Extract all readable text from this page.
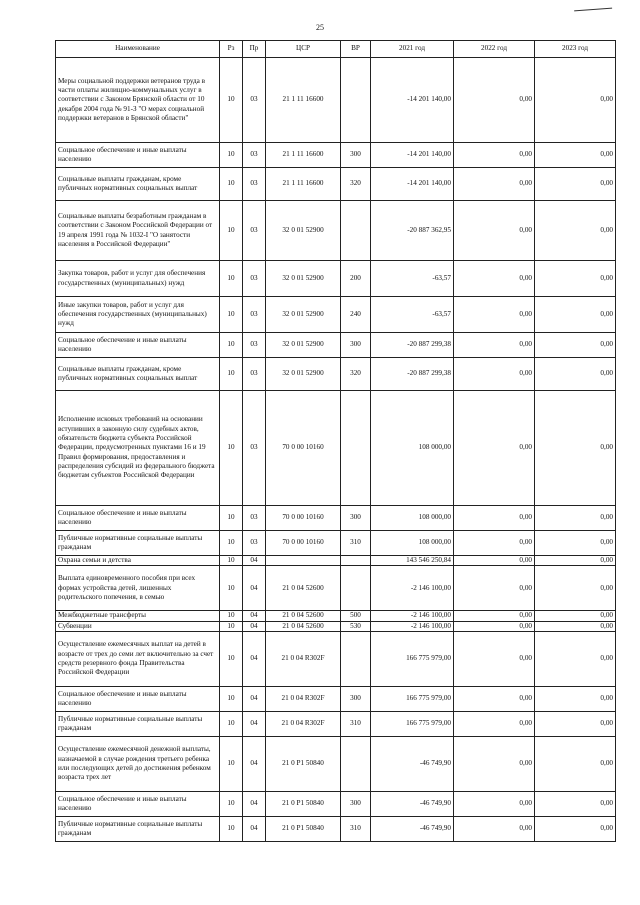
25
Наименование	Рз	Пр	ЦСР	ВР	2021 год	2022 год	2023 год
Меры социальной поддержки ветеранов труда в части оплаты жилищно-коммунальных услуг в соответствии с Законом Брянской области от 10 декабря 2004 года № 91-З "О мерах социальной поддержки ветеранов в Брянской области"	10	03	21 1 11 16600		-14 201 140,00	0,00	0,00
Социальное обеспечение и иные выплаты населению	10	03	21 1 11 16600	300	-14 201 140,00	0,00	0,00
Социальные выплаты гражданам, кроме публичных нормативных социальных выплат	10	03	21 1 11 16600	320	-14 201 140,00	0,00	0,00
Социальные выплаты безработным гражданам в соответствии с Законом Российской Федерации от 19 апреля 1991 года № 1032-I "О занятости населения в Российской Федерации"	10	03	32 0 01 52900		-20 887 362,95	0,00	0,00
Закупка товаров, работ и услуг для обеспечения государственных (муниципальных) нужд	10	03	32 0 01 52900	200	-63,57	0,00	0,00
Иные закупки товаров, работ и услуг для обеспечения государственных (муниципальных) нужд	10	03	32 0 01 52900	240	-63,57	0,00	0,00
Социальное обеспечение и иные выплаты населению	10	03	32 0 01 52900	300	-20 887 299,38	0,00	0,00
Социальные выплаты гражданам, кроме публичных нормативных социальных выплат	10	03	32 0 01 52900	320	-20 887 299,38	0,00	0,00
Исполнение исковых требований на основании вступивших в законную силу судебных актов, обязательств бюджета субъекта Российской Федерации, предусмотренных пунктами 16 и 19 Правил формирования, предоставления и распределения субсидий из федерального бюджета бюджетам субъектов Российской Федерации	10	03	70 0 00 10160		108 000,00	0,00	0,00
Социальное обеспечение и иные выплаты населению	10	03	70 0 00 10160	300	108 000,00	0,00	0,00
Публичные нормативные социальные выплаты гражданам	10	03	70 0 00 10160	310	108 000,00	0,00	0,00
Охрана семьи и детства	10	04			143 546 250,84	0,00	0,00
Выплата единовременного пособия при всех формах устройства детей, лишенных родительского попечения, в семью	10	04	21 0 04 52600		-2 146 100,00	0,00	0,00
Межбюджетные трансферты	10	04	21 0 04 52600	500	-2 146 100,00	0,00	0,00
Субвенции	10	04	21 0 04 52600	530	-2 146 100,00	0,00	0,00
Осуществление ежемесячных выплат на детей в возрасте от трех до семи лет включительно за счет средств резервного фонда Правительства Российской Федерации	10	04	21 0 04 R302F		166 775 979,00	0,00	0,00
Социальное обеспечение и иные выплаты населению	10	04	21 0 04 R302F	300	166 775 979,00	0,00	0,00
Публичные нормативные социальные выплаты гражданам	10	04	21 0 04 R302F	310	166 775 979,00	0,00	0,00
Осуществление ежемесячной денежной выплаты, назначаемой в случае рождения третьего ребенка или последующих детей до достижения ребенком возраста трех лет	10	04	21 0 P1 50840		-46 749,90	0,00	0,00
Социальное обеспечение и иные выплаты населению	10	04	21 0 P1 50840	300	-46 749,90	0,00	0,00
Публичные нормативные социальные выплаты гражданам	10	04	21 0 P1 50840	310	-46 749,90	0,00	0,00
